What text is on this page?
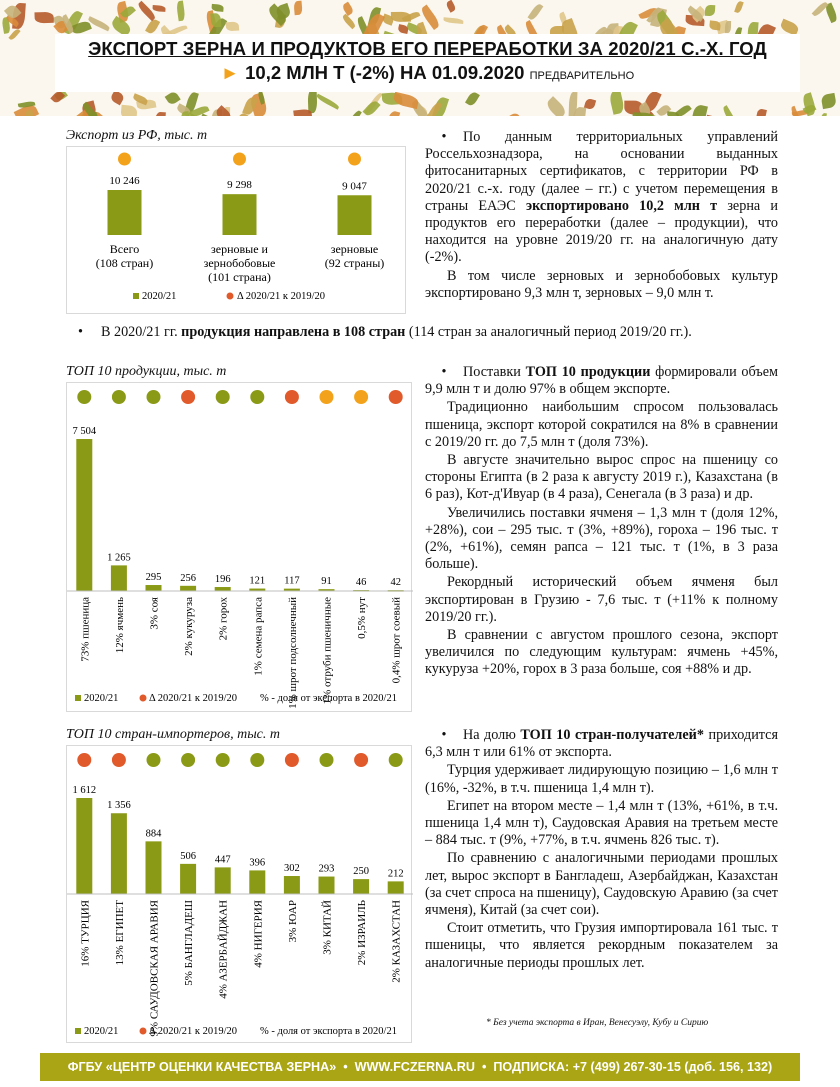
ЭКСПОРТ ЗЕРНА И ПРОДУКТОВ ЕГО ПЕРЕРАБОТКИ ЗА 2020/21 С.-Х. ГОД
► 10,2 МЛН Т (-2%) НА 01.09.2020 ПРЕДВАРИТЕЛЬНО
Экспорт из РФ, тыс. т
10 246
Всего
(108 стран)
9 298
зерновые и
зернобобовые
(101 страна)
9 047
зерновые
(92 страны)
2020/21	Δ 2020/21 к 2019/20

• По данным территориальных управлений Россельхознадзора, на основании выданных фитосанитарных сертификатов, с территории РФ в 2020/21 с.-х. году (далее – гг.) с учетом перемещения в страны ЕАЭС экспортировано 10,2 млн т зерна и продуктов его переработки (далее – продукции), что находится на уровне 2019/20 гг. на аналогичную дату (-2%).

В том числе зерновых и зернобобовых культур экспортировано 9,3 млн т, зерновых – 9,0 млн т.

• В 2020/21 гг. продукция направлена в 108 стран (114 стран за аналогичный период 2019/20 гг.).
ТОП 10 продукции, тыс. т
7 504
73% пшеница
1 265
12% ячмень
295
3% соя
256
2% кукуруза
196
2% горох
121
1% семена рапса
117
1% шрот подсолнечный
91
1% отруби пшеничные
46
0,5% нут
42
0,4% шрот соевый
2020/21	Δ 2020/21 к 2019/20 % - доля от экспорта в 2020/21

• Поставки ТОП 10 продукции формировали объем 9,9 млн т и долю 97% в общем экспорте.

Традиционно наибольшим спросом пользовалась пшеница, экспорт которой сократился на 8% в сравнении с 2019/20 гг. до 7,5 млн т (доля 73%).

В августе значительно вырос спрос на пшеницу со стороны Египта (в 2 раза к августу 2019 г.), Казахстана (в 6 раз), Кот-д'Ивуар (в 4 раза), Сенегала (в 3 раза) и др.

Увеличились поставки ячменя – 1,3 млн т (доля 12%, +28%), сои – 295 тыс. т (3%, +89%), гороха – 196 тыс. т (2%, +61%), семян рапса – 121 тыс. т (1%, в 3 раза больше).

Рекордный исторический объем ячменя был экспортирован в Грузию - 7,6 тыс. т (+11% к полному 2019/20 гг.).

В сравнении с августом прошлого сезона, экспорт увеличился по следующим культурам: ячмень +45%, кукуруза +20%, горох в 3 раза больше, соя +88% и др.

ТОП 10 стран-импортеров, тыс. т
1 612
16% ТУРЦИЯ
1 356
13% ЕГИПЕТ
884
9% САУДОВСКАЯ АРАВИЯ
506
5% БАНГЛАДЕШ
447
4% АЗЕРБАЙДЖАН
396
4% НИГЕРИЯ
302
3% ЮАР
293
3% КИТАЙ
250
2% ИЗРАИЛЬ
212
2% КАЗАХСТАН
2020/21	Δ 2020/21 к 2019/20 % - доля от экспорта в 2020/21

• На долю ТОП 10 стран-получателей* приходится 6,3 млн т или 61% от экспорта.

Турция удерживает лидирующую позицию – 1,6 млн т (16%, -32%, в т.ч. пшеница 1,4 млн т).

Египет на втором месте – 1,4 млн т (13%, +61%, в т.ч. пшеница 1,4 млн т), Саудовская Аравия на третьем месте – 884 тыс. т (9%, +77%, в т.ч. ячмень 826 тыс. т).

По сравнению с аналогичными периодами прошлых лет, вырос экспорт в Бангладеш, Азербайджан, Казахстан (за счет спроса на пшеницу), Саудовскую Аравию (за счет ячменя), Китай (за счет сои).

Стоит отметить, что Грузия импортировала 161 тыс. т пшеницы, что является рекордным показателем за аналогичные периоды прошлых лет.

* Без учета экспорта в Иран, Венесуэлу, Кубу и Сирию
ФГБУ «ЦЕНТР ОЦЕНКИ КАЧЕСТВА ЗЕРНА» • WWW.FCZERNA.RU • ПОДПИСКА: +7 (499) 267-30-15 (доб. 156, 132)
